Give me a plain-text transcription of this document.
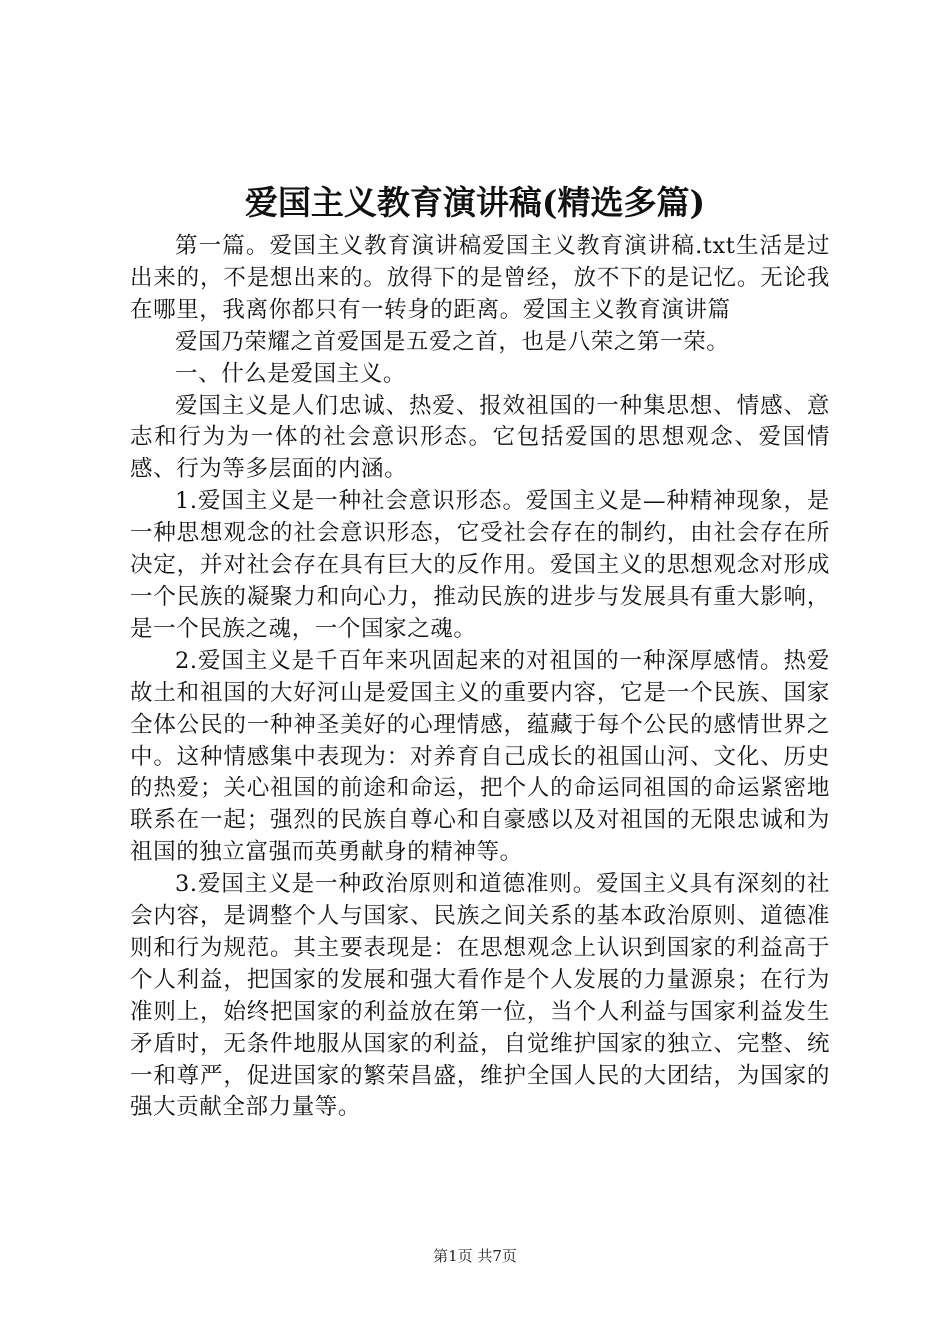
爱国主义教育演讲稿(精选多篇)

第一篇。爱国主义教育演讲稿爱国主义教育演讲稿.txt生活是过出来的，不是想出来的。放得下的是曾经，放不下的是记忆。无论我在哪里，我离你都只有一转身的距离。爱国主义教育演讲篇

爱国乃荣耀之首爱国是五爱之首，也是八荣之第一荣。

一、什么是爱国主义。

爱国主义是人们忠诚、热爱、报效祖国的一种集思想、情感、意志和行为为一体的社会意识形态。它包括爱国的思想观念、爱国情感、行为等多层面的内涵。

1.爱国主义是一种社会意识形态。爱国主义是—种精神现象，是一种思想观念的社会意识形态，它受社会存在的制约，由社会存在所决定，并对社会存在具有巨大的反作用。爱国主义的思想观念对形成一个民族的凝聚力和向心力，推动民族的进步与发展具有重大影响，是一个民族之魂，一个国家之魂。

2.爱国主义是千百年来巩固起来的对祖国的一种深厚感情。热爱故土和祖国的大好河山是爱国主义的重要内容，它是一个民族、国家全体公民的一种神圣美好的心理情感，蕴藏于每个公民的感情世界之中。这种情感集中表现为：对养育自己成长的祖国山河、文化、历史的热爱；关心祖国的前途和命运，把个人的命运同祖国的命运紧密地联系在一起；强烈的民族自尊心和自豪感以及对祖国的无限忠诚和为祖国的独立富强而英勇献身的精神等。

3.爱国主义是一种政治原则和道德准则。爱国主义具有深刻的社会内容，是调整个人与国家、民族之间关系的基本政治原则、道德准则和行为规范。其主要表现是：在思想观念上认识到国家的利益高于个人利益，把国家的发展和强大看作是个人发展的力量源泉；在行为准则上，始终把国家的利益放在第一位，当个人利益与国家利益发生矛盾时，无条件地服从国家的利益，自觉维护国家的独立、完整、统一和尊严，促进国家的繁荣昌盛，维护全国人民的大团结，为国家的强大贡献全部力量等。

第1页 共7页
